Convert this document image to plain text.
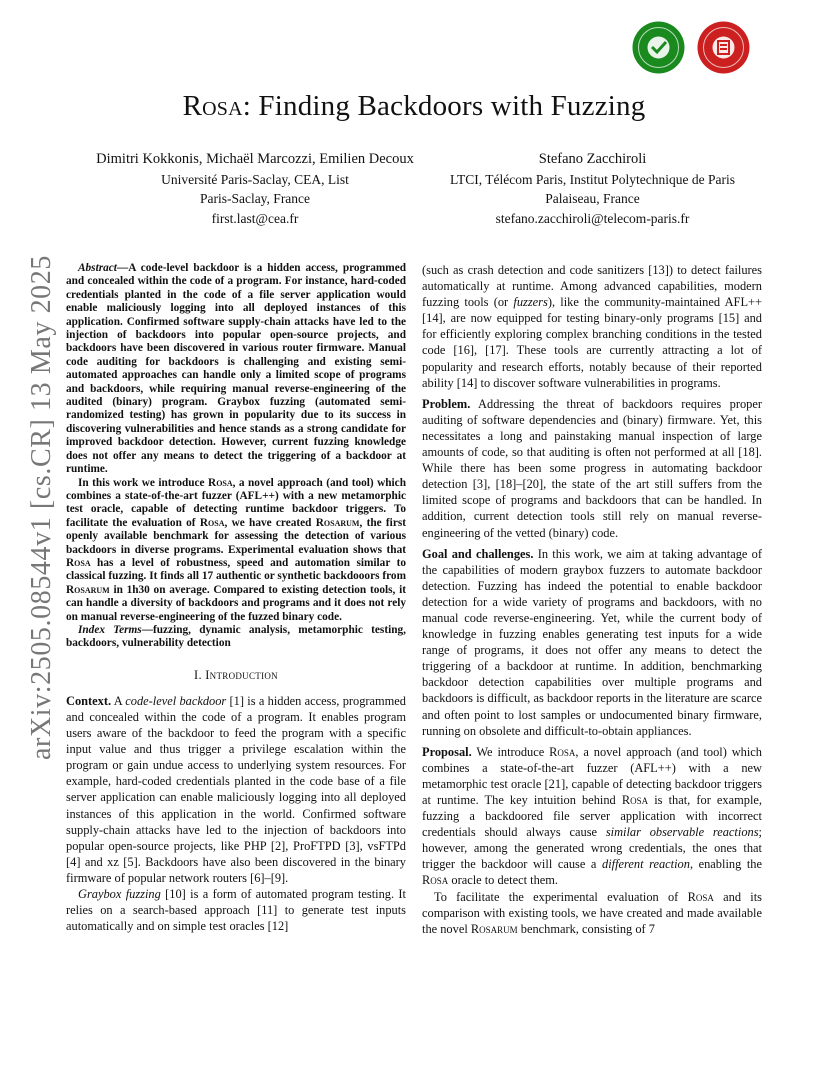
arXiv:2505.08544v1 [cs.CR] 13 May 2025
Rosa: Finding Backdoors with Fuzzing
Dimitri Kokkonis, Michaël Marcozzi, Emilien Decoux
Université Paris-Saclay, CEA, List
Paris-Saclay, France
first.last@cea.fr
Stefano Zacchiroli
LTCI, Télécom Paris, Institut Polytechnique de Paris
Palaiseau, France
stefano.zacchiroli@telecom-paris.fr

Abstract—A code-level backdoor is a hidden access, programmed and concealed within the code of a program. For instance, hard-coded credentials planted in the code of a file server application would enable maliciously logging into all deployed instances of this application. Confirmed software supply-chain attacks have led to the injection of backdoors into popular open-source projects, and backdoors have been discovered in various router firmware. Manual code auditing for backdoors is challenging and existing semi-automated approaches can handle only a limited scope of programs and backdoors, while requiring manual reverse-engineering of the audited (binary) program. Graybox fuzzing (automated semi-randomized testing) has grown in popularity due to its success in discovering vulnerabilities and hence stands as a strong candidate for improved backdoor detection. However, current fuzzing knowledge does not offer any means to detect the triggering of a backdoor at runtime.

In this work we introduce Rosa, a novel approach (and tool) which combines a state-of-the-art fuzzer (AFL++) with a new metamorphic test oracle, capable of detecting runtime backdoor triggers. To facilitate the evaluation of Rosa, we have created Rosarum, the first openly available benchmark for assessing the detection of various backdoors in diverse programs. Experimental evaluation shows that Rosa has a level of robustness, speed and automation similar to classical fuzzing. It finds all 17 authentic or synthetic backdooors from Rosarum in 1h30 on average. Compared to existing detection tools, it can handle a diversity of backdoors and programs and it does not rely on manual reverse-engineering of the fuzzed binary code.

Index Terms—fuzzing, dynamic analysis, metamorphic testing, backdoors, vulnerability detection

I. Introduction

Context. A code-level backdoor [1] is a hidden access, programmed and concealed within the code of a program. It enables program users aware of the backdoor to feed the program with a specific input value and thus trigger a privilege escalation within the program or gain undue access to underlying system resources. For example, hard-coded credentials planted in the code base of a file server application can enable maliciously logging into all deployed instances of this application in the world. Confirmed software supply-chain attacks have led to the injection of backdoors into popular open-source projects, like PHP [2], ProFTPD [3], vsFTPd [4] and xz [5]. Backdoors have also been discovered in the binary firmware of popular network routers [6]–[9].

Graybox fuzzing [10] is a form of automated program testing. It relies on a search-based approach [11] to generate test inputs automatically and on simple test oracles [12]

(such as crash detection and code sanitizers [13]) to detect failures automatically at runtime. Among advanced capabilities, modern fuzzing tools (or fuzzers), like the community-maintained AFL++ [14], are now equipped for testing binary-only programs [15] and for efficiently exploring complex branching conditions in the tested code [16], [17]. These tools are currently attracting a lot of popularity and research efforts, notably because of their reported ability [14] to discover software vulnerabilities in programs.

Problem. Addressing the threat of backdoors requires proper auditing of software dependencies and (binary) firmware. Yet, this necessitates a long and painstaking manual inspection of large amounts of code, so that auditing is often not performed at all [18]. While there has been some progress in automating backdoor detection [3], [18]–[20], the state of the art still suffers from the limited scope of programs and backdoors that can be handled. In addition, current detection tools still rely on manual reverse-engineering of the vetted (binary) code.

Goal and challenges. In this work, we aim at taking advantage of the capabilities of modern graybox fuzzers to automate backdoor detection. Fuzzing has indeed the potential to enable backdoor detection for a wide variety of programs and backdoors, with no manual code reverse-engineering. Yet, while the current body of knowledge in fuzzing enables generating test inputs for a wide range of programs, it does not offer any means to detect the triggering of a backdoor at runtime. In addition, benchmarking backdoor detection capabilities over multiple programs and backdoors is difficult, as backdoor reports in the literature are scarce and often point to lost samples or undocumented binary firmware, running on obsolete and difficult-to-obtain appliances.

Proposal. We introduce Rosa, a novel approach (and tool) which combines a state-of-the-art fuzzer (AFL++) with a new metamorphic test oracle [21], capable of detecting backdoor triggers at runtime. The key intuition behind Rosa is that, for example, fuzzing a backdoored file server application with incorrect credentials should always cause similar observable reactions; however, among the generated wrong credentials, the ones that trigger the backdoor will cause a different reaction, enabling the Rosa oracle to detect them.

To facilitate the experimental evaluation of Rosa and its comparison with existing tools, we have created and made available the novel Rosarum benchmark, consisting of 7
